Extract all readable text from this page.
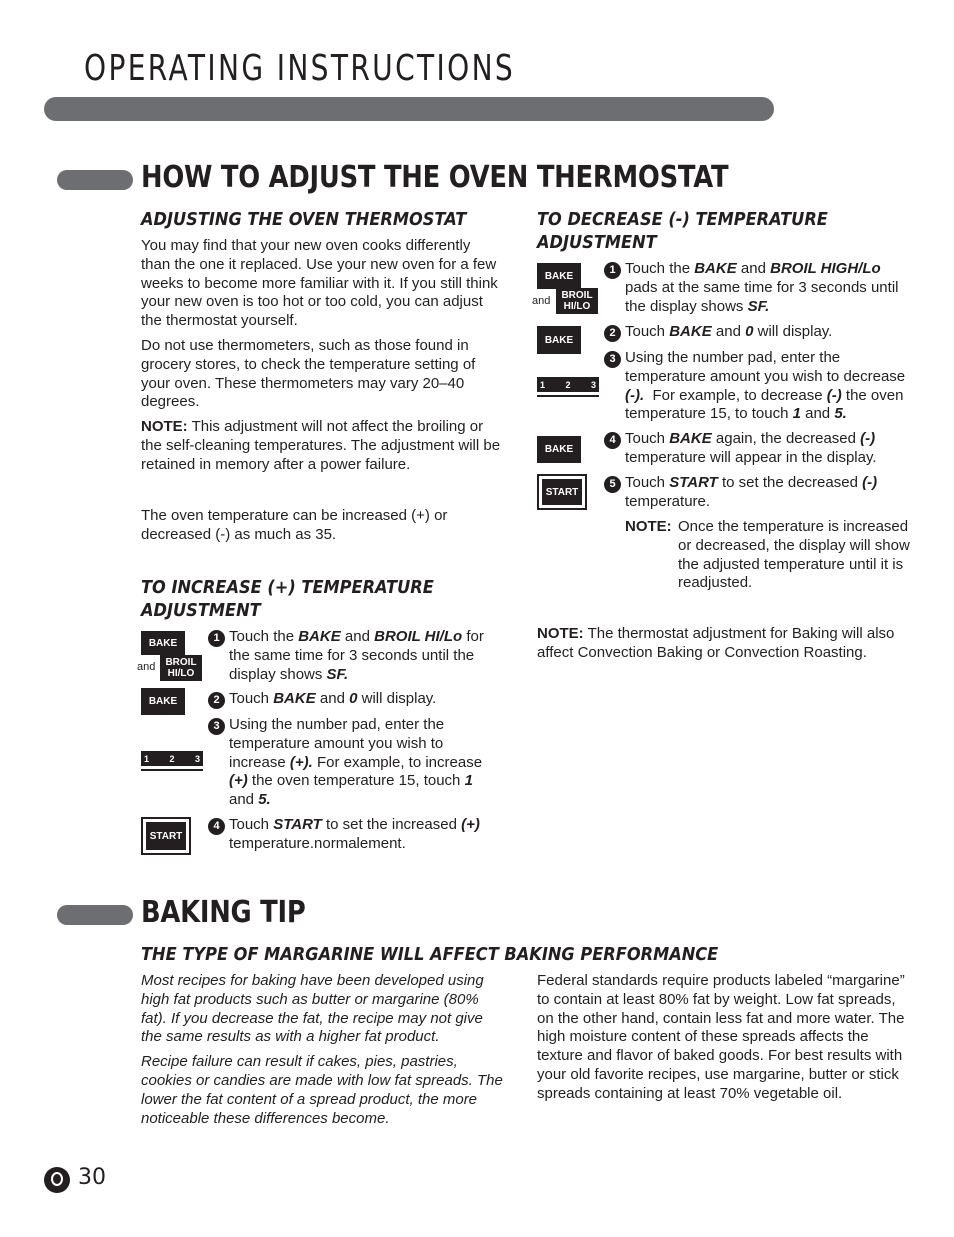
OPERATING INSTRUCTIONS
HOW TO ADJUST THE OVEN THERMOSTAT
ADJUSTING THE OVEN THERMOSTAT

You may find that your new oven cooks differently than the one it replaced. Use your new oven for a few weeks to become more familiar with it. If you still think your new oven is too hot or too cold, you can adjust the thermostat yourself.

Do not use thermometers, such as those found in grocery stores, to check the temperature setting of your oven. These thermometers may vary 20–40 degrees.

NOTE: This adjustment will not affect the broiling or the self-cleaning temperatures. The adjustment will be retained in memory after a power failure.

The oven temperature can be increased (+) or decreased (-) as much as 35.

TO INCREASE (+) TEMPERATURE
ADJUSTMENT
BAKE
and BROIL
HI/LO
BAKE
1 2 3
START
1 Touch the BAKE and BROIL HI/Lo for the same time for 3 seconds until the display shows SF.
2 Touch BAKE and 0 will display.
3 Using the number pad, enter the temperature amount you wish to increase (+). For example, to increase (+) the oven temperature 15, touch 1 and 5.
4 Touch START to set the increased (+) temperature.normalement.
TO DECREASE (-) TEMPERATURE
ADJUSTMENT
BAKE
and BROIL
HI/LO
BAKE
1 2 3
BAKE
START
1 Touch the BAKE and BROIL HIGH/Lo pads at the same time for 3 seconds until the display shows SF.
2 Touch BAKE and 0 will display.
3 Using the number pad, enter the temperature amount you wish to decrease (-).  For example, to decrease (-) the oven temperature 15, to touch 1 and 5.
4 Touch BAKE again, the decreased (-) temperature will appear in the display.
5 Touch START to set the decreased (-) temperature.
NOTE: Once the temperature is increased or decreased, the display will show the adjusted temperature until it is readjusted.

NOTE: The thermostat adjustment for Baking will also affect Convection Baking or Convection Roasting.

BAKING TIP
THE TYPE OF MARGARINE WILL AFFECT BAKING PERFORMANCE

Most recipes for baking have been developed using high fat products such as butter or margarine (80% fat). If you decrease the fat, the recipe may not give the same results as with a higher fat product.

Recipe failure can result if cakes, pies, pastries, cookies or candies are made with low fat spreads. The lower the fat content of a spread product, the more noticeable these differences become.

Federal standards require products labeled “margarine” to contain at least 80% fat by weight. Low fat spreads, on the other hand, contain less fat and more water. The high moisture content of these spreads affects the texture and flavor of baked goods. For best results with your old favorite recipes, use margarine, butter or stick spreads containing at least 70% vegetable oil.

30
